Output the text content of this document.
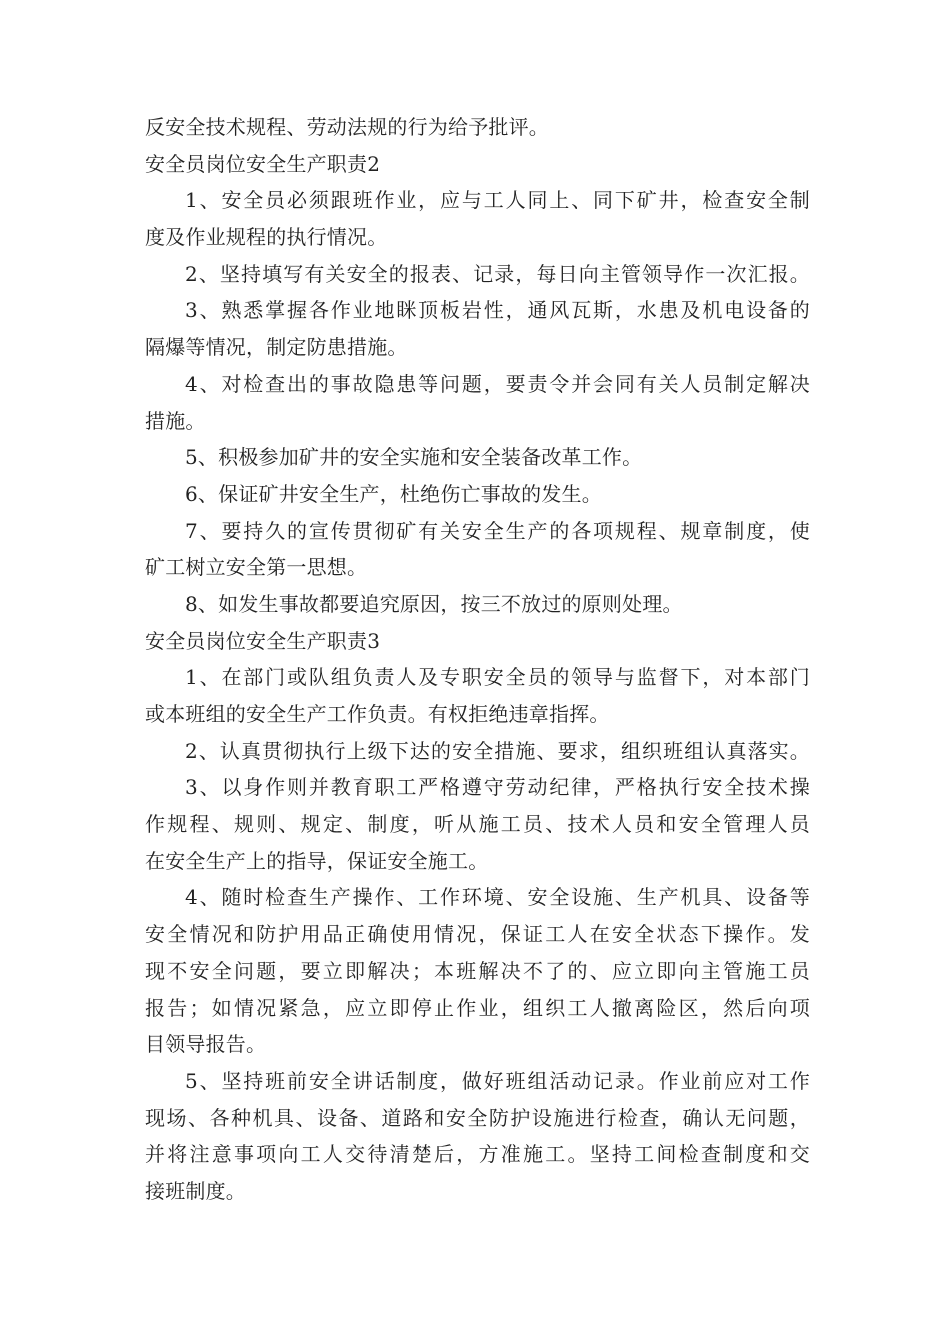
反安全技术规程、劳动法规的行为给予批评。

安全员岗位安全生产职责2

1、安全员必须跟班作业，应与工人同上、同下矿井，检查安全制

度及作业规程的执行情况。

2、坚持填写有关安全的报表、记录，每日向主管领导作一次汇报。

3、熟悉掌握各作业地眯顶板岩性，通风瓦斯，水患及机电设备的

隔爆等情况，制定防患措施。

4、对检查出的事故隐患等问题，要责令并会同有关人员制定解决

措施。

5、积极参加矿井的安全实施和安全装备改革工作。

6、保证矿井安全生产，杜绝伤亡事故的发生。

7、要持久的宣传贯彻矿有关安全生产的各项规程、规章制度，使

矿工树立安全第一思想。

8、如发生事故都要追究原因，按三不放过的原则处理。

安全员岗位安全生产职责3

1、在部门或队组负责人及专职安全员的领导与监督下，对本部门

或本班组的安全生产工作负责。有权拒绝违章指挥。

2、认真贯彻执行上级下达的安全措施、要求，组织班组认真落实。

3、以身作则并教育职工严格遵守劳动纪律，严格执行安全技术操

作规程、规则、规定、制度，听从施工员、技术人员和安全管理人员

在安全生产上的指导，保证安全施工。

4、随时检查生产操作、工作环境、安全设施、生产机具、设备等

安全情况和防护用品正确使用情况，保证工人在安全状态下操作。发

现不安全问题，要立即解决；本班解决不了的、应立即向主管施工员

报告；如情况紧急，应立即停止作业，组织工人撤离险区，然后向项

目领导报告。

5、坚持班前安全讲话制度，做好班组活动记录。作业前应对工作

现场、各种机具、设备、道路和安全防护设施进行检查，确认无问题，

并将注意事项向工人交待清楚后，方准施工。坚持工间检查制度和交

接班制度。
